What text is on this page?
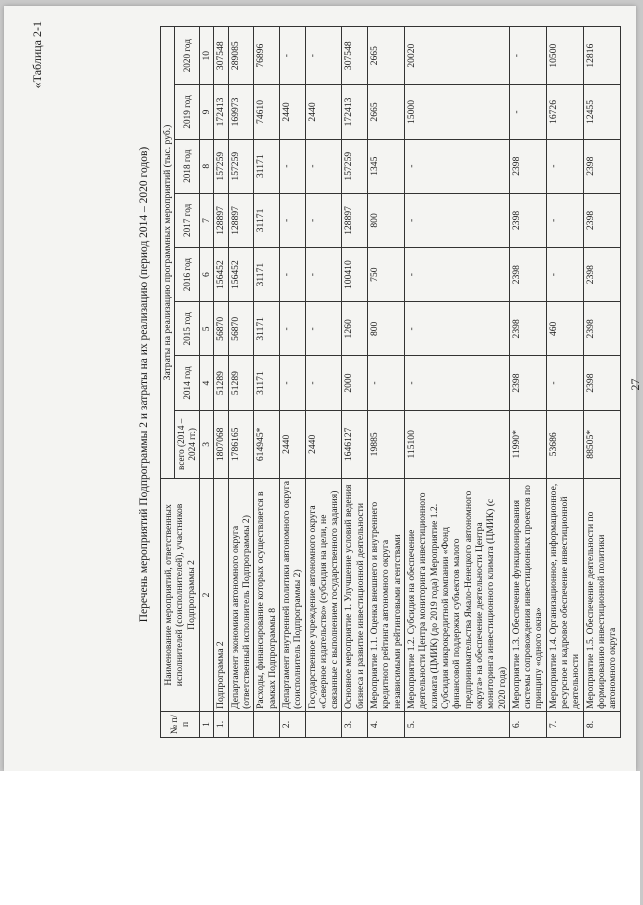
«Таблица 2-1
Перечень мероприятий Подпрограммы 2 и затраты на их реализацию (период 2014 – 2020 годов)
№ п/п	Наименование мероприятий, ответственных исполнителей (соисполнителей), участников Подпрограммы 2	Затраты на реализацию программных мероприятий (тыс. руб.)							
		всего (2014 – 2024 гг.)	2014 год	2015 год	2016 год	2017 год	2018 год	2019 год	2020 год
1	2	3	4	5	6	7	8	9	10
1.	Подпрограмма 2	1807068	51289	56870	156452	128897	157259	172413	307548
	Департамент экономики автономного округа (ответственный исполнитель Подпрограммы 2)	1786165	51289	56870	156452	128897	157259	169973	289085
	Расходы, финансирование которых осуществляется в рамках Подпрограммы 8	614945*	31171	31171	31171	31171	31171	74610	76896
2.	Департамент внутренней политики автономного округа (соисполнитель Подпрограммы 2)	2440	-	-	-	-	-	2440	-
	Государственное учреждение автономного округа «Северное издательство» (субсидия на цели, не связанные с выполнением государственного задания)	2440	-	-	-	-	-	2440	-
3.	Основное мероприятие 1. Улучшение условий ведения бизнеса и развитие инвестиционной деятельности	1646127	2000	1260	100410	128897	157259	172413	307548
4.	Мероприятие 1.1. Оценка внешнего и внутреннего кредитного рейтинга автономного округа независимыми рейтинговыми агентствами	19885	-	800	750	800	1345	2665	2665
5.	Мероприятие 1.2. Субсидия на обеспечение деятельности Центра мониторинга инвестиционного климата (ЦМИК) (до 2019 года) Мероприятие 1.2. Субсидия микрокредитной компании «Фонд финансовой поддержки субъектов малого предпринимательства Ямало-Ненецкого автономного округа» на обеспечение деятельности Центра мониторинга инвестиционного климата (ЦМИК) (с 2020 года)	115100	-	-	-	-	-	15000	20020
6.	Мероприятие 1.3. Обеспечение функционирования системы сопровождения инвестиционных проектов по принципу «одного окна»	11990*	2398	2398	2398	2398	2398	-	-
7.	Мероприятие 1.4. Организационное, информационное, ресурсное и кадровое обеспечение инвестиционной деятельности	53686	-	460	-	-	-	16726	10500
8.	Мероприятие 1.5. Обеспечение деятельности по формированию инвестиционной политики автономного округа	88505*	2398	2398	2398	2398	2398	12455	12816
27
